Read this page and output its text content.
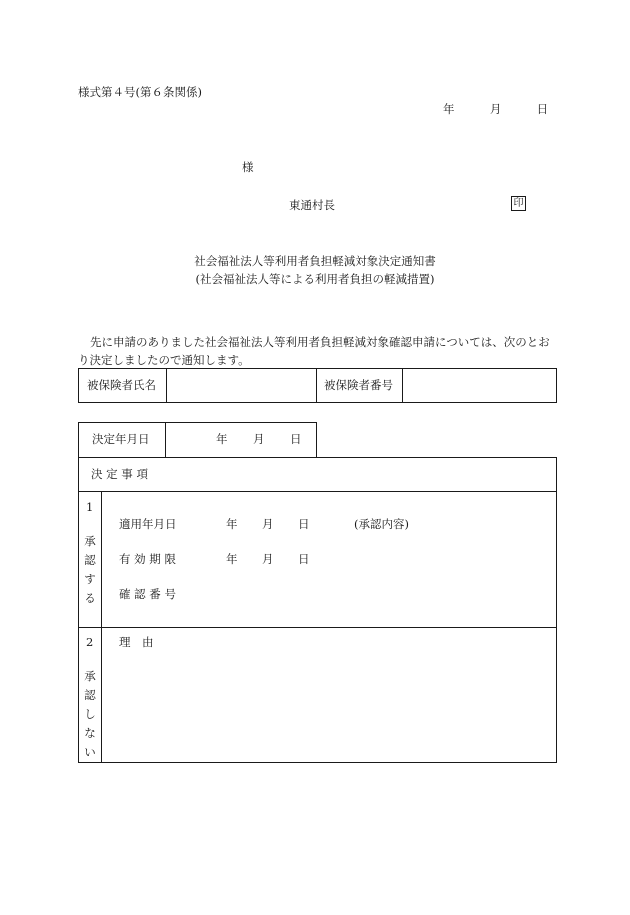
様式第４号(第６条関係)
年	月	日
様
東通村長	印
社会福祉法人等利用者負担軽減対象決定通知書
(社会福祉法人等による利用者負担の軽減措置)
先に申請のありました社会福祉法人等利用者負担軽減対象確認申請については、次のとおり決定しましたので通知します。
被保険者氏名	被保険者番号
決定年月日	年 月 日
決 定 事 項
1
承認する
適用年月日	年 月 日	(承認内容)
有 効 期 限	年 月 日
確 認 番 号
2
承認しない
理　由
